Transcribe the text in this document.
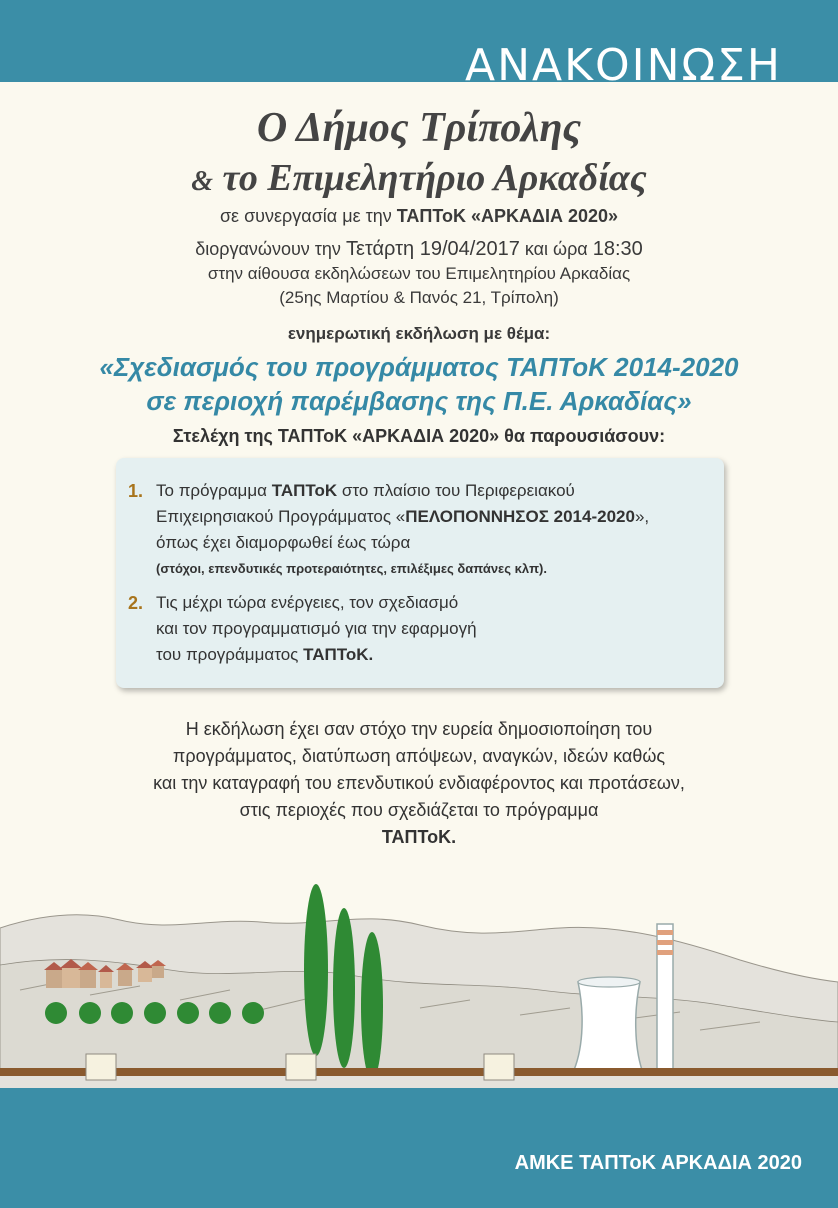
ΑΝΑΚΟΙΝΩΣΗ
Ο Δήμος Τρίπολης
& το Επιμελητήριο Αρκαδίας
σε συνεργασία με την ΤΑΠΤοΚ «ΑΡΚΑΔΙΑ 2020»
διοργανώνουν την Τετάρτη 19/04/2017 και ώρα 18:30
στην αίθουσα εκδηλώσεων του Επιμελητηρίου Αρκαδίας
(25ης Μαρτίου & Πανός 21, Τρίπολη)
ενημερωτική εκδήλωση με θέμα:
«Σχεδιασμός του προγράμματος ΤΑΠΤοΚ 2014-2020
σε περιοχή παρέμβασης της Π.Ε. Αρκαδίας»
Στελέχη της ΤΑΠΤοΚ «ΑΡΚΑΔΙΑ 2020» θα παρουσιάσουν:
1. Το πρόγραμμα ΤΑΠΤοΚ στο πλαίσιο του Περιφερειακού
Επιχειρησιακού Προγράμματος «ΠΕΛΟΠΟΝΝΗΣΟΣ 2014-2020»,
όπως έχει διαμορφωθεί έως τώρα
(στόχοι, επενδυτικές προτεραιότητες, επιλέξιμες δαπάνες κλπ).
2. Τις μέχρι τώρα ενέργειες, τον σχεδιασμό
και τον προγραμματισμό για την εφαρμογή
του προγράμματος ΤΑΠΤοΚ.
Η εκδήλωση έχει σαν στόχο την ευρεία δημοσιοποίηση του
προγράμματος, διατύπωση απόψεων, αναγκών, ιδεών καθώς
και την καταγραφή του επενδυτικού ενδιαφέροντος και προτάσεων,
στις περιοχές που σχεδιάζεται το πρόγραμμα
ΤΑΠΤοΚ.
ΑΜΚΕ ΤΑΠΤοΚ ΑΡΚΑΔΙΑ 2020
